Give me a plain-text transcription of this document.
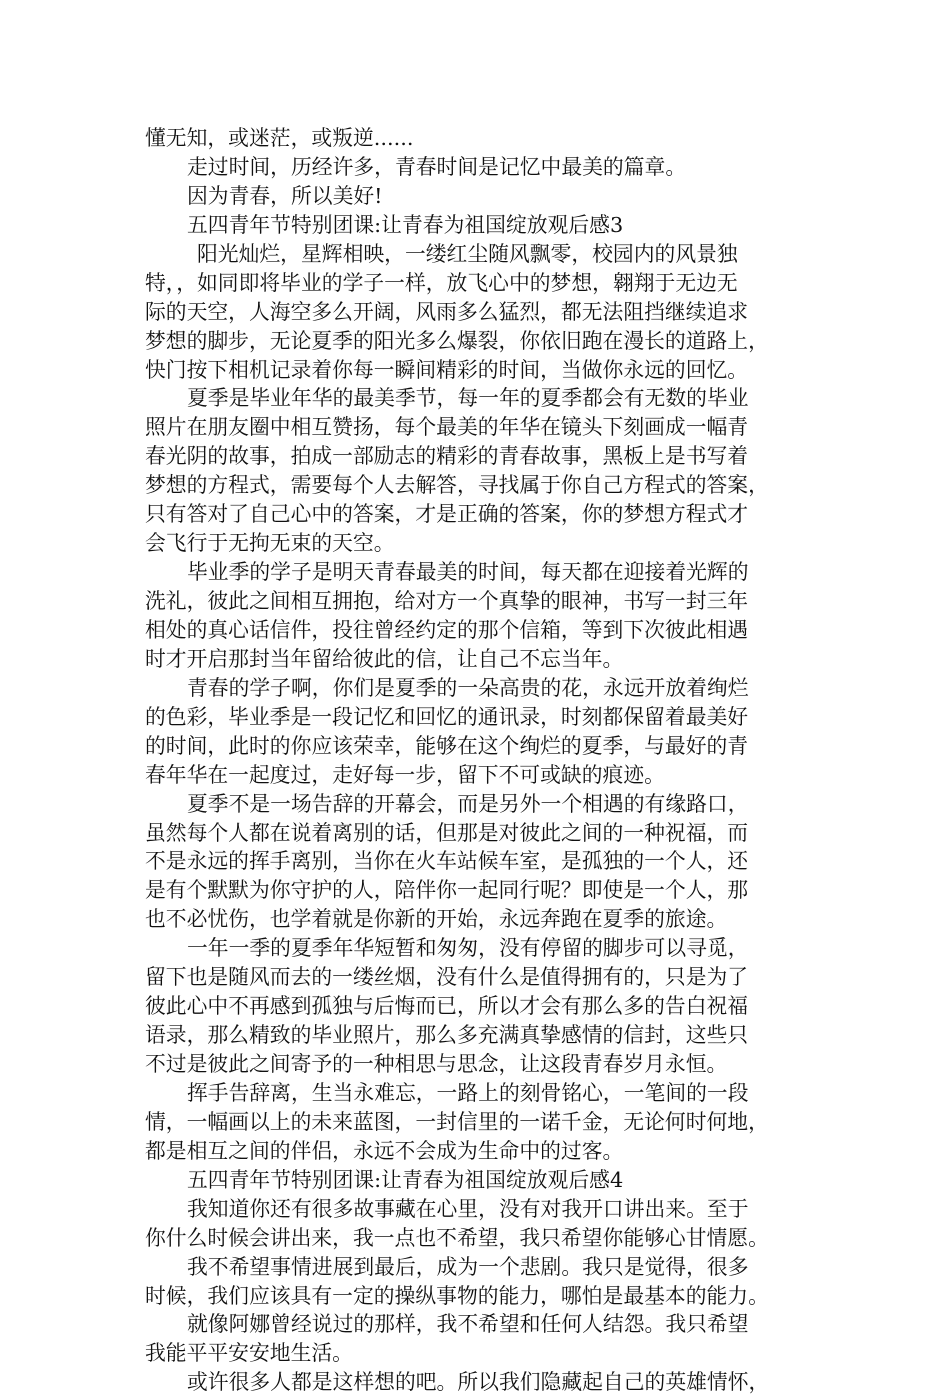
懂无知，或迷茫，或叛逆......
走过时间，历经许多，青春时间是记忆中最美的篇章。
因为青春，所以美好!
五四青年节特别团课:让青春为祖国绽放观后感3
阳光灿烂，星辉相映，一缕红尘随风飘零，校园内的风景独
特，，如同即将毕业的学子一样，放飞心中的梦想，翱翔于无边无
际的天空，人海空多么开阔，风雨多么猛烈，都无法阻挡继续追求
梦想的脚步，无论夏季的阳光多么爆裂，你依旧跑在漫长的道路上，
快门按下相机记录着你每一瞬间精彩的时间，当做你永远的回忆。
夏季是毕业年华的最美季节，每一年的夏季都会有无数的毕业
照片在朋友圈中相互赞扬，每个最美的年华在镜头下刻画成一幅青
春光阴的故事，拍成一部励志的精彩的青春故事，黑板上是书写着
梦想的方程式，需要每个人去解答，寻找属于你自己方程式的答案，
只有答对了自己心中的答案，才是正确的答案，你的梦想方程式才
会飞行于无拘无束的天空。
毕业季的学子是明天青春最美的时间，每天都在迎接着光辉的
洗礼，彼此之间相互拥抱，给对方一个真挚的眼神，书写一封三年
相处的真心话信件，投往曾经约定的那个信箱，等到下次彼此相遇
时才开启那封当年留给彼此的信，让自己不忘当年。
青春的学子啊，你们是夏季的一朵高贵的花，永远开放着绚烂
的色彩，毕业季是一段记忆和回忆的通讯录，时刻都保留着最美好
的时间，此时的你应该荣幸，能够在这个绚烂的夏季，与最好的青
春年华在一起度过，走好每一步，留下不可或缺的痕迹。
夏季不是一场告辞的开幕会，而是另外一个相遇的有缘路口，
虽然每个人都在说着离别的话，但那是对彼此之间的一种祝福，而
不是永远的挥手离别，当你在火车站候车室，是孤独的一个人，还
是有个默默为你守护的人，陪伴你一起同行呢？即使是一个人，那
也不必忧伤，也学着就是你新的开始，永远奔跑在夏季的旅途。
一年一季的夏季年华短暂和匆匆，没有停留的脚步可以寻觅，
留下也是随风而去的一缕丝烟，没有什么是值得拥有的，只是为了
彼此心中不再感到孤独与后悔而已，所以才会有那么多的告白祝福
语录，那么精致的毕业照片，那么多充满真挚感情的信封，这些只
不过是彼此之间寄予的一种相思与思念，让这段青春岁月永恒。
挥手告辞离，生当永难忘，一路上的刻骨铭心，一笔间的一段
情，一幅画以上的未来蓝图，一封信里的一诺千金，无论何时何地，
都是相互之间的伴侣，永远不会成为生命中的过客。
五四青年节特别团课:让青春为祖国绽放观后感4
我知道你还有很多故事藏在心里，没有对我开口讲出来。至于
你什么时候会讲出来，我一点也不希望，我只希望你能够心甘情愿。
我不希望事情进展到最后，成为一个悲剧。我只是觉得，很多
时候，我们应该具有一定的操纵事物的能力，哪怕是最基本的能力。
就像阿娜曾经说过的那样，我不希望和任何人结怨。我只希望
我能平平安安地生活。
或许很多人都是这样想的吧。所以我们隐藏起自己的英雄情怀，
